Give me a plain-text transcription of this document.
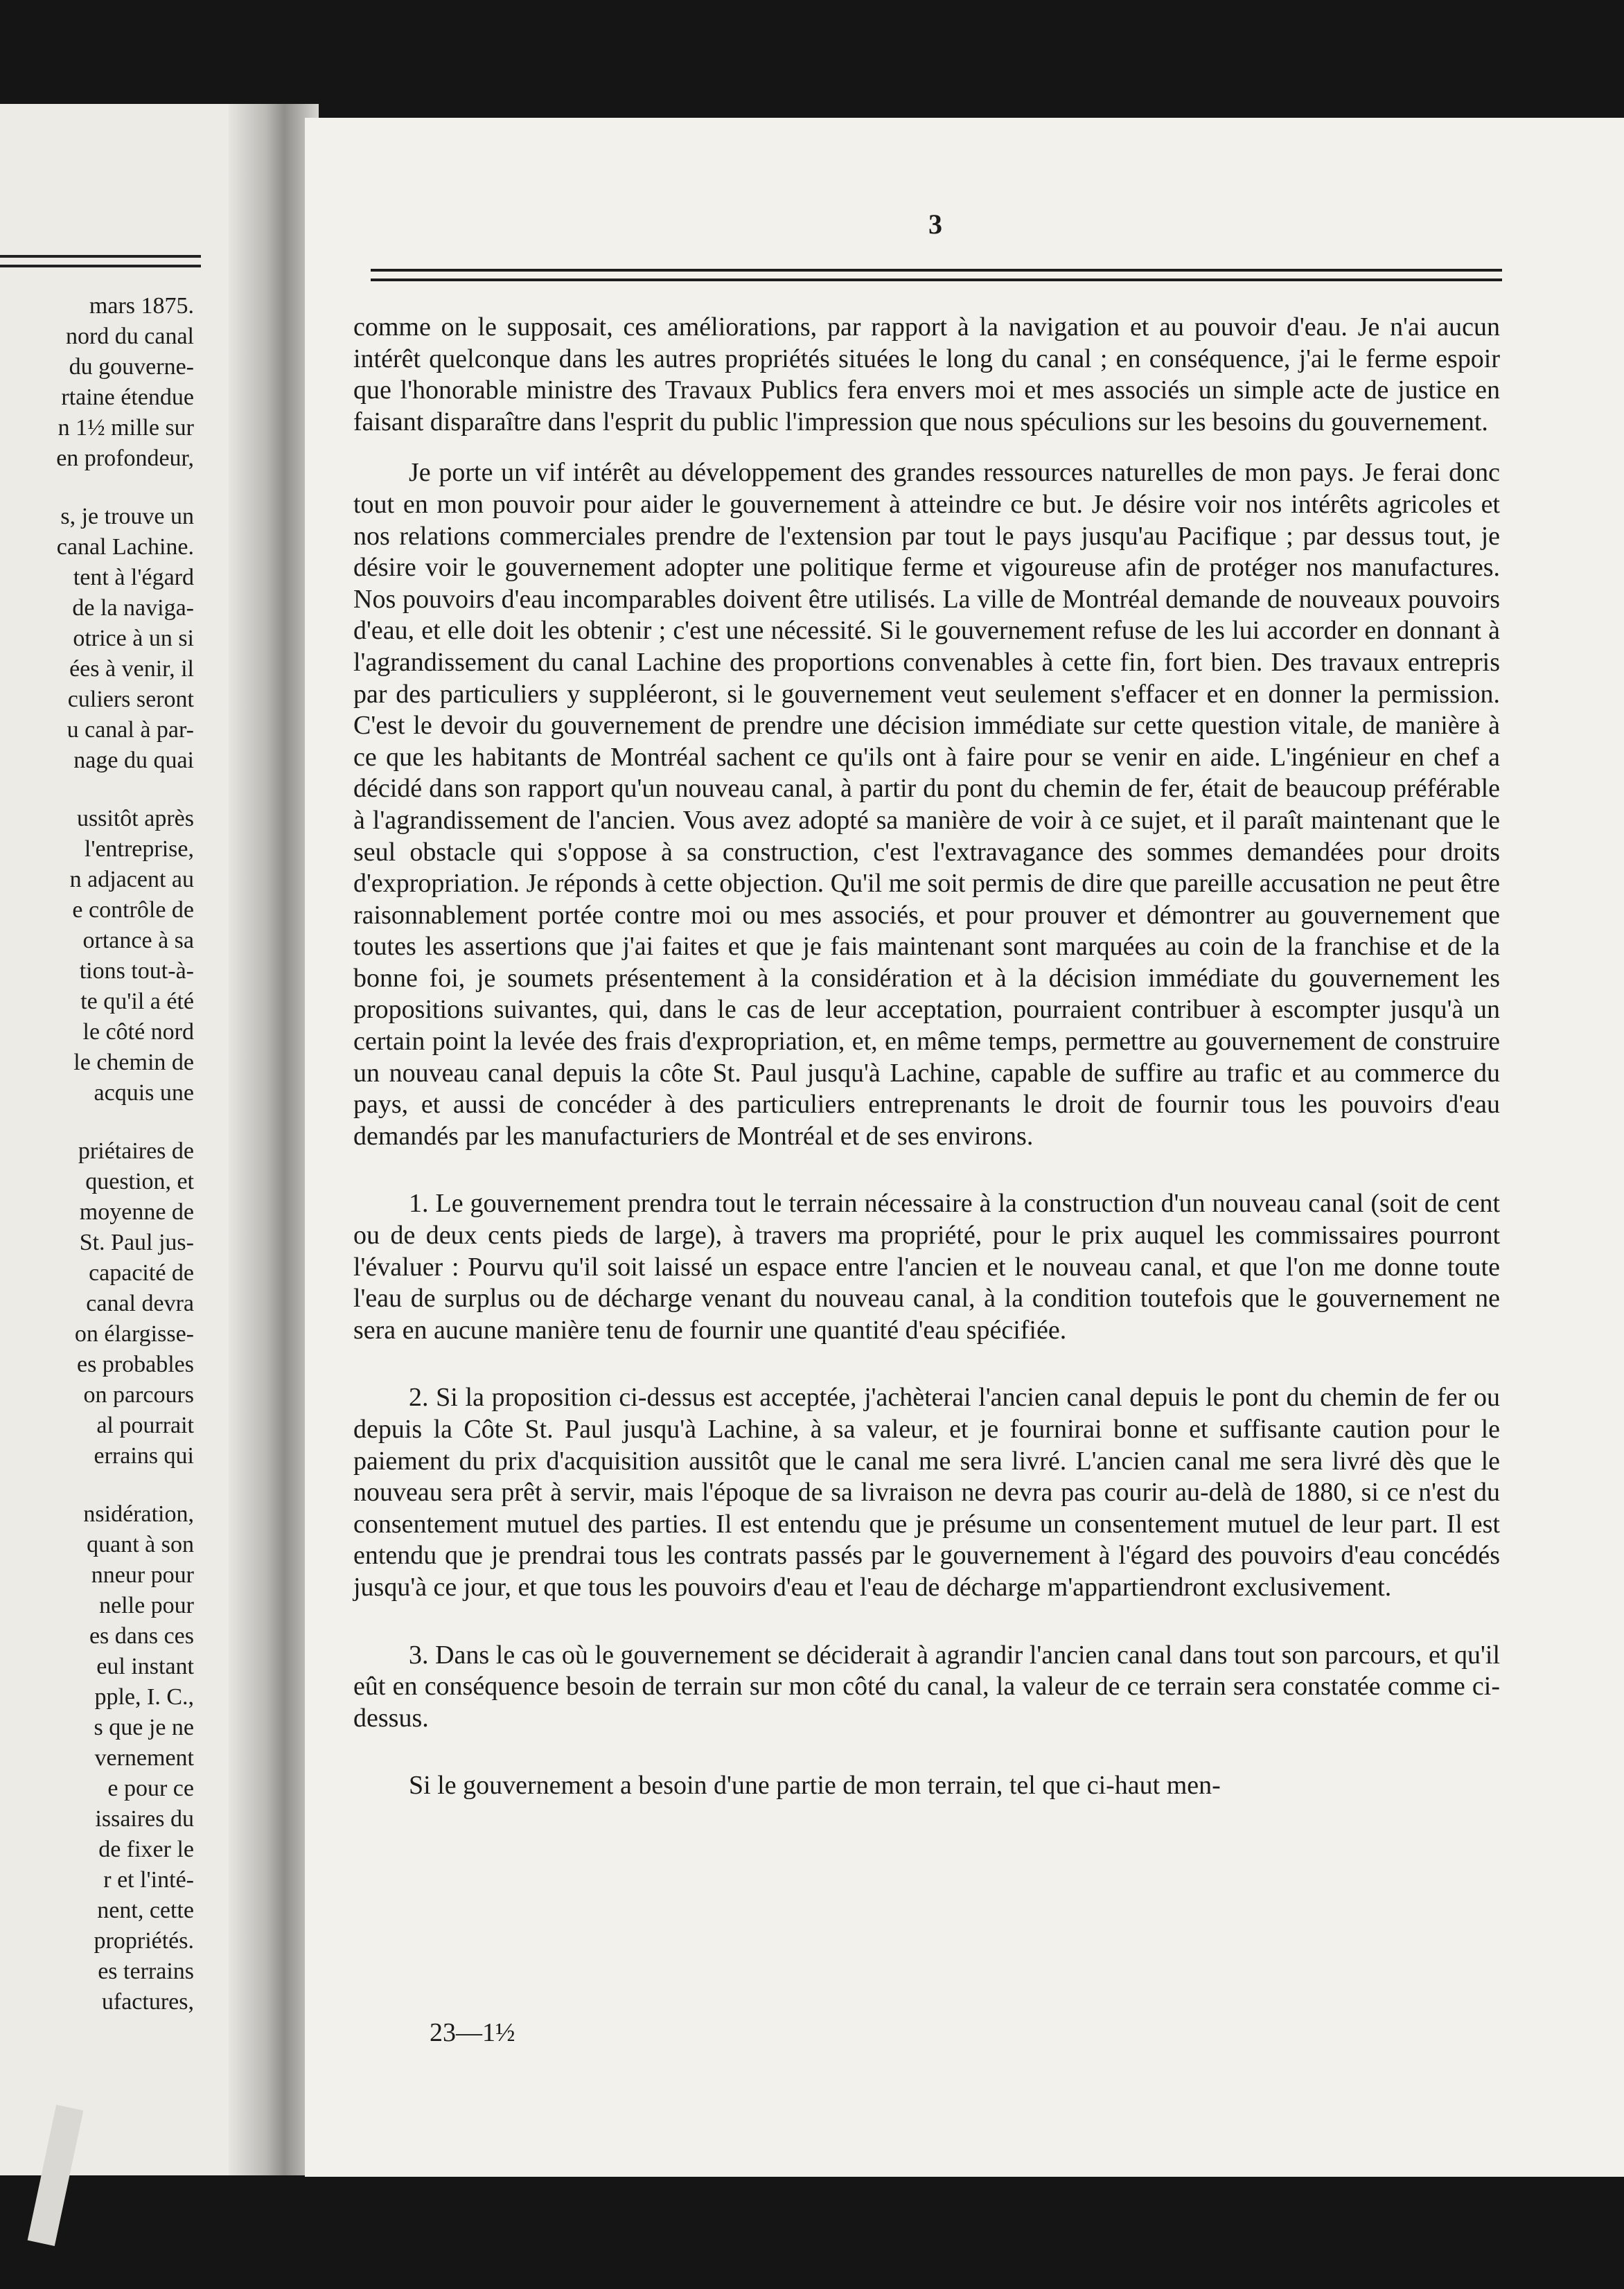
mars 1875.
nord du canal
du gouverne-
rtaine étendue
n 1½ mille sur
en profondeur,
s, je trouve un
canal Lachine.
tent à l'égard
de la naviga-
otrice à un si
ées à venir, il
culiers seront
u canal à par-
nage du quai
ussitôt après
l'entreprise,
n adjacent au
e contrôle de
ortance à sa
tions tout-à-
te qu'il a été
le côté nord
le chemin de
acquis une
priétaires de
question, et
moyenne de
St. Paul jus-
capacité de
canal devra
on élargisse-
es probables
on parcours
al pourrait
errains qui
nsidération,
quant à son
nneur pour
nelle pour
es dans ces
eul instant
pple, I. C.,
s que je ne
vernement
e pour ce
issaires du
de fixer le
r et l'inté-
nent, cette
propriétés.
es terrains
ufactures,
3

comme on le supposait, ces améliorations, par rapport à la navigation et au pouvoir d'eau. Je n'ai aucun intérêt quelconque dans les autres propriétés situées le long du canal ; en conséquence, j'ai le ferme espoir que l'honorable ministre des Travaux Publics fera envers moi et mes associés un simple acte de justice en faisant disparaître dans l'esprit du public l'impression que nous spéculions sur les besoins du gouvernement.

Je porte un vif intérêt au développement des grandes ressources naturelles de mon pays. Je ferai donc tout en mon pouvoir pour aider le gouvernement à atteindre ce but. Je désire voir nos intérêts agricoles et nos relations commerciales prendre de l'extension par tout le pays jusqu'au Pacifique ; par dessus tout, je désire voir le gouvernement adopter une politique ferme et vigoureuse afin de protéger nos manufactures. Nos pouvoirs d'eau incomparables doivent être utilisés. La ville de Montréal demande de nouveaux pouvoirs d'eau, et elle doit les obtenir ; c'est une nécessité. Si le gouvernement refuse de les lui accorder en donnant à l'agrandissement du canal Lachine des proportions convenables à cette fin, fort bien. Des travaux entrepris par des particuliers y suppléeront, si le gouvernement veut seulement s'effacer et en donner la permission. C'est le devoir du gouvernement de prendre une décision immédiate sur cette question vitale, de manière à ce que les habitants de Montréal sachent ce qu'ils ont à faire pour se venir en aide. L'ingénieur en chef a décidé dans son rapport qu'un nouveau canal, à partir du pont du chemin de fer, était de beaucoup préférable à l'agrandissement de l'ancien. Vous avez adopté sa manière de voir à ce sujet, et il paraît maintenant que le seul obstacle qui s'oppose à sa construction, c'est l'extravagance des sommes demandées pour droits d'expropriation. Je réponds à cette objection. Qu'il me soit permis de dire que pareille accusation ne peut être raisonnablement portée contre moi ou mes associés, et pour prouver et démontrer au gouvernement que toutes les assertions que j'ai faites et que je fais maintenant sont marquées au coin de la franchise et de la bonne foi, je soumets présentement à la considération et à la décision immédiate du gouvernement les propositions suivantes, qui, dans le cas de leur acceptation, pourraient contribuer à escompter jusqu'à un certain point la levée des frais d'expropriation, et, en même temps, permettre au gouvernement de construire un nouveau canal depuis la côte St. Paul jusqu'à Lachine, capable de suffire au trafic et au commerce du pays, et aussi de concéder à des particuliers entreprenants le droit de fournir tous les pouvoirs d'eau demandés par les manufacturiers de Montréal et de ses environs.

1. Le gouvernement prendra tout le terrain nécessaire à la construction d'un nouveau canal (soit de cent ou de deux cents pieds de large), à travers ma propriété, pour le prix auquel les commissaires pourront l'évaluer : Pourvu qu'il soit laissé un espace entre l'ancien et le nouveau canal, et que l'on me donne toute l'eau de surplus ou de décharge venant du nouveau canal, à la condition toutefois que le gouvernement ne sera en aucune manière tenu de fournir une quantité d'eau spécifiée.

2. Si la proposition ci-dessus est acceptée, j'achèterai l'ancien canal depuis le pont du chemin de fer ou depuis la Côte St. Paul jusqu'à Lachine, à sa valeur, et je fournirai bonne et suffisante caution pour le paiement du prix d'acquisition aussitôt que le canal me sera livré. L'ancien canal me sera livré dès que le nouveau sera prêt à servir, mais l'époque de sa livraison ne devra pas courir au-delà de 1880, si ce n'est du consentement mutuel des parties. Il est entendu que je présume un consentement mutuel de leur part. Il est entendu que je prendrai tous les contrats passés par le gouvernement à l'égard des pouvoirs d'eau concédés jusqu'à ce jour, et que tous les pouvoirs d'eau et l'eau de décharge m'appartiendront exclusivement.

3. Dans le cas où le gouvernement se déciderait à agrandir l'ancien canal dans tout son parcours, et qu'il eût en conséquence besoin de terrain sur mon côté du canal, la valeur de ce terrain sera constatée comme ci-dessus.

Si le gouvernement a besoin d'une partie de mon terrain, tel que ci-haut men-

23—1½
